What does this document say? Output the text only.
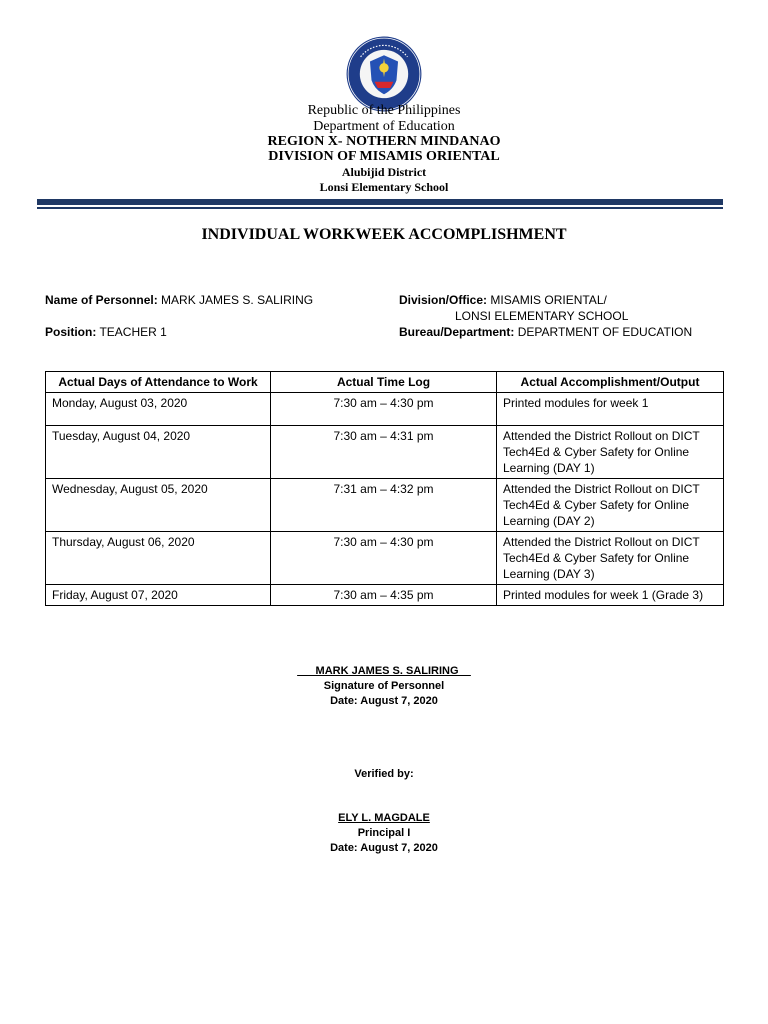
Republic of the Philippines
Department of Education
REGION X- NOTHERN MINDANAO
DIVISION OF MISAMIS ORIENTAL
Alubijid District
Lonsi Elementary School
INDIVIDUAL WORKWEEK ACCOMPLISHMENT
Name of Personnel: MARK JAMES S. SALIRING
Position: TEACHER 1
Division/Office: MISAMIS ORIENTAL/
LONSI ELEMENTARY SCHOOL
Bureau/Department: DEPARTMENT OF EDUCATION
Actual Days of Attendance to Work	Actual Time Log	Actual Accomplishment/Output
Monday, August 03, 2020	7:30 am – 4:30 pm	Printed modules for week 1
Tuesday, August 04, 2020	7:30 am – 4:31 pm	Attended the District Rollout on DICT Tech4Ed & Cyber Safety for Online Learning (DAY 1)
Wednesday, August 05, 2020	7:31 am – 4:32 pm	Attended the District Rollout on DICT Tech4Ed & Cyber Safety for Online Learning (DAY 2)
Thursday, August 06, 2020	7:30 am – 4:30 pm	Attended the District Rollout on DICT Tech4Ed & Cyber Safety for Online Learning (DAY 3)
Friday, August 07, 2020	7:30 am – 4:35 pm	Printed modules for week 1 (Grade 3)
___MARK JAMES S. SALIRING__
Signature of Personnel
Date: August 7, 2020
Verified by:
ELY L. MAGDALE
Principal I
Date: August 7, 2020
